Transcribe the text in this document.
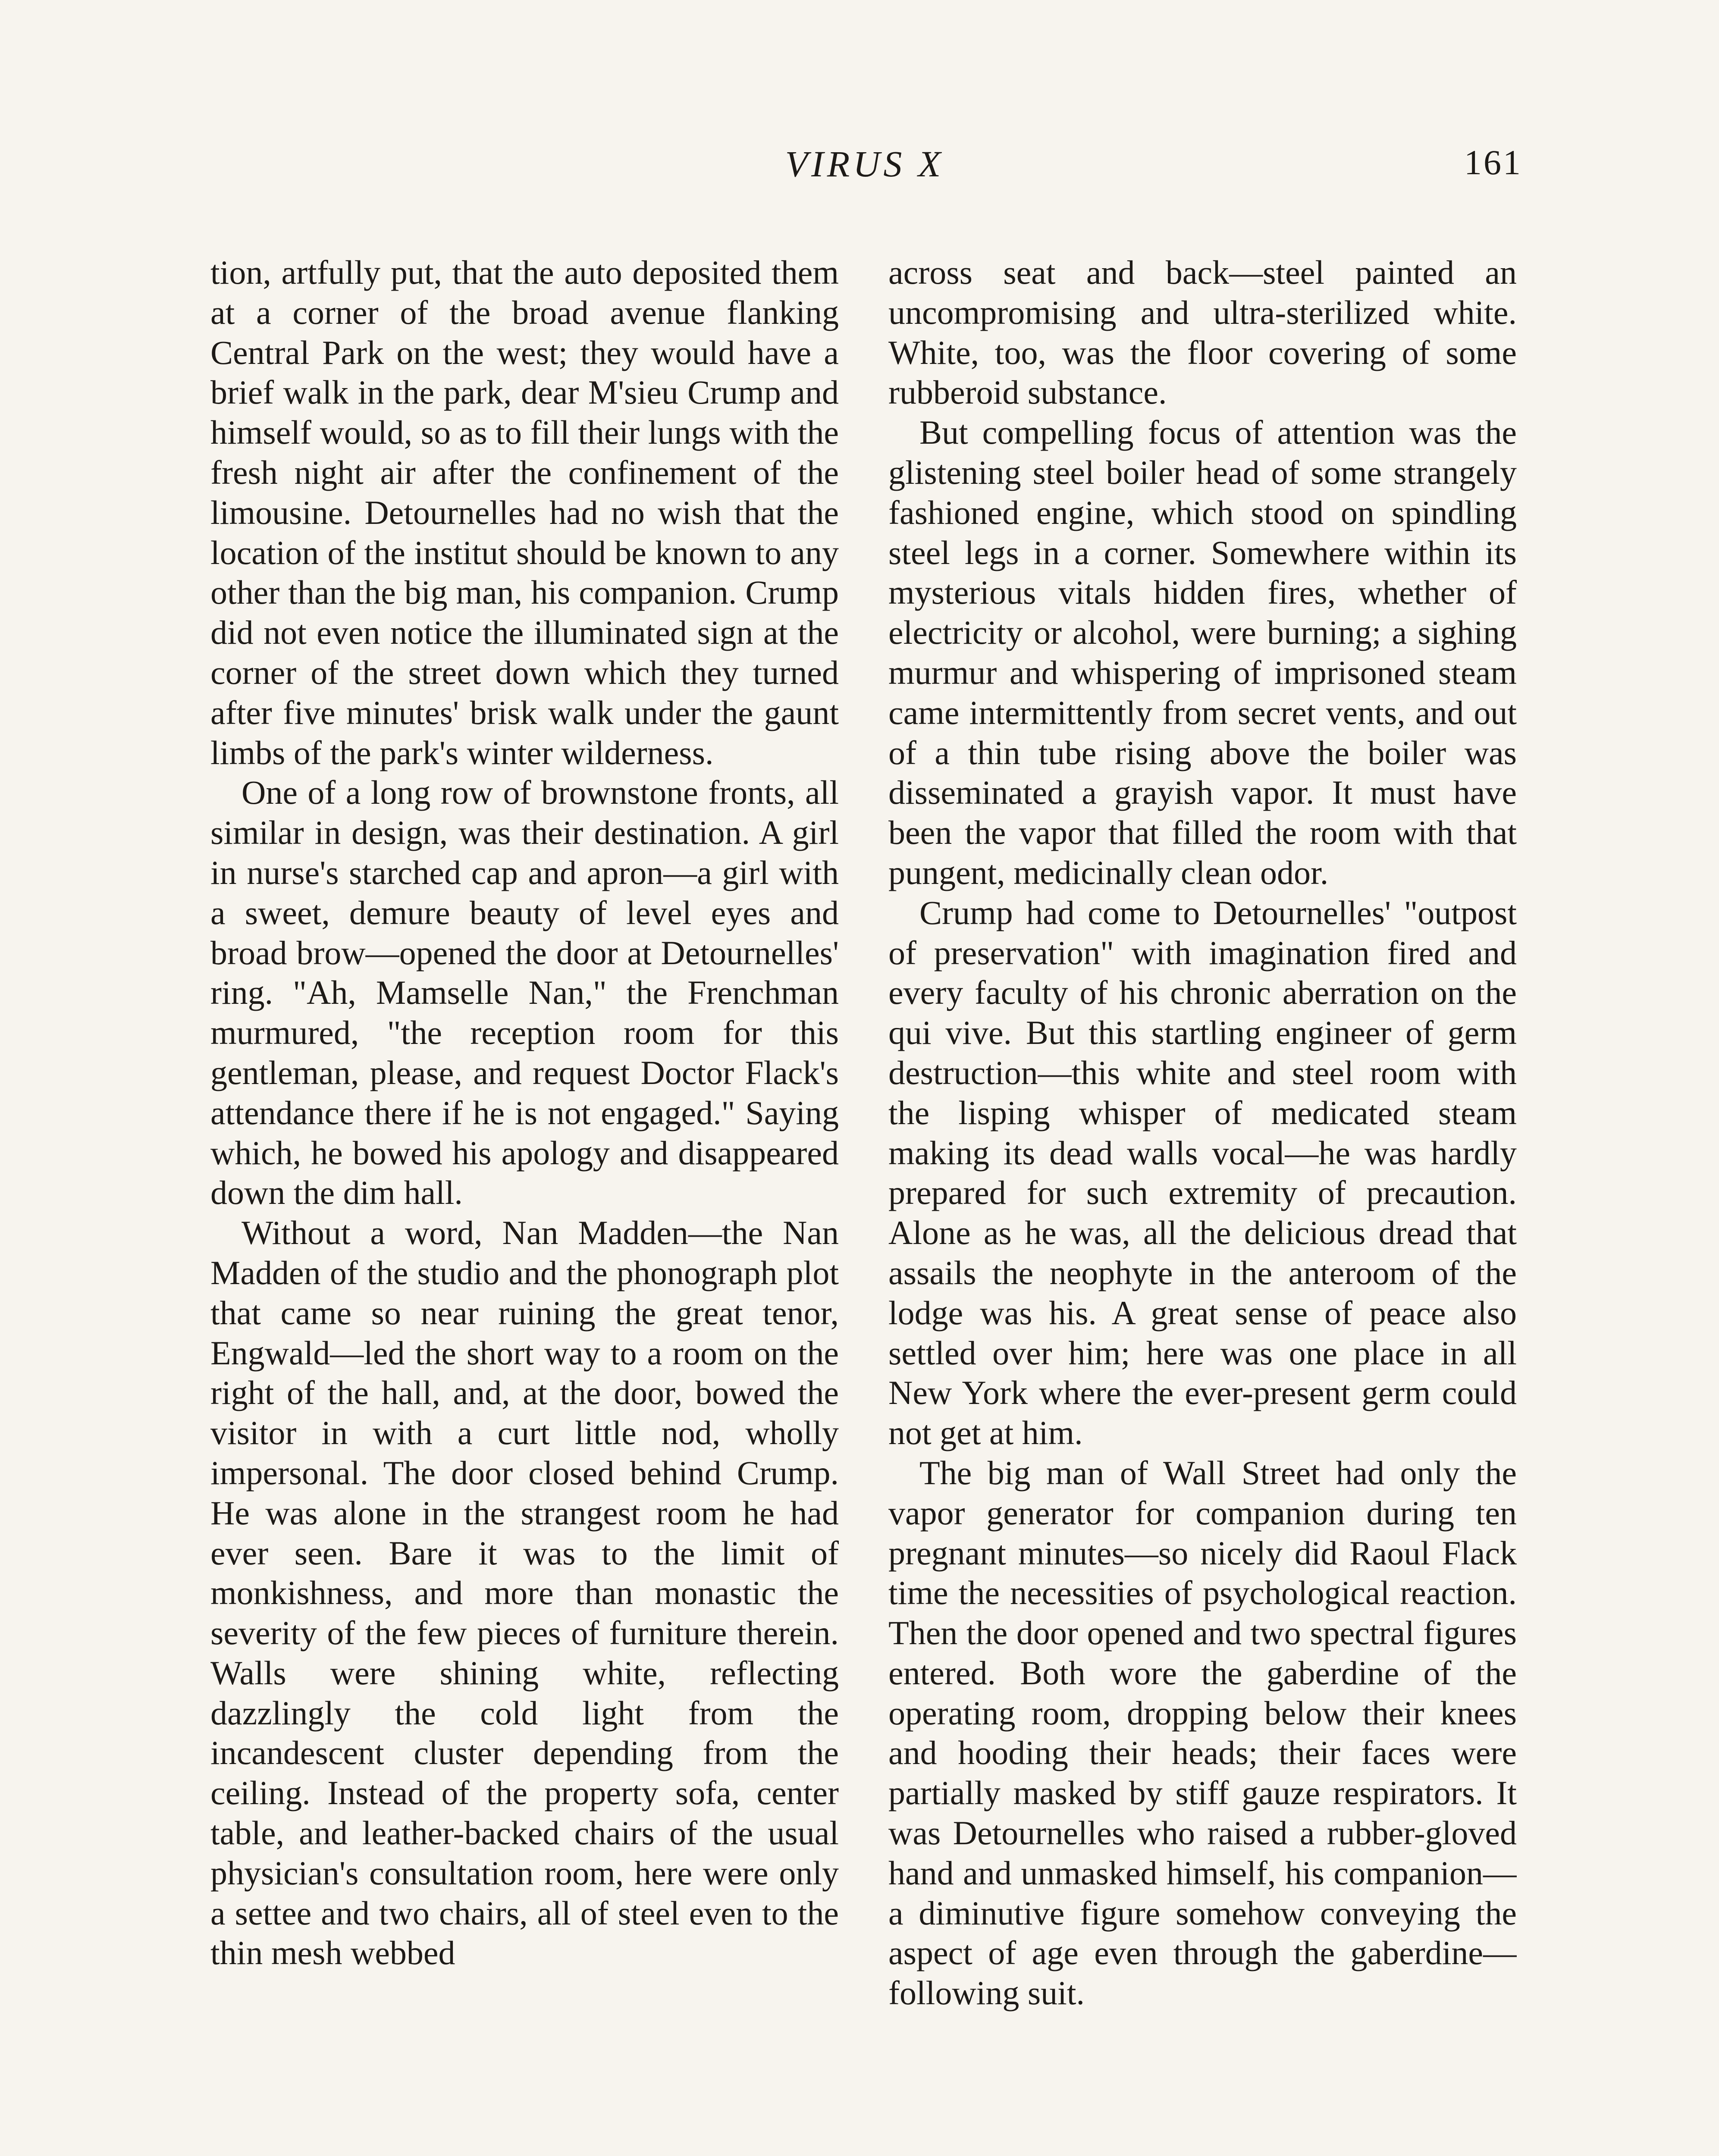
VIRUS X	161

tion, artfully put, that the auto deposited them at a corner of the broad avenue flanking Central Park on the west; they would have a brief walk in the park, dear M'sieu Crump and himself would, so as to fill their lungs with the fresh night air after the confinement of the limousine. Detournelles had no wish that the location of the institut should be known to any other than the big man, his companion. Crump did not even notice the illuminated sign at the corner of the street down which they turned after five minutes' brisk walk under the gaunt limbs of the park's winter wilderness.

One of a long row of brownstone fronts, all similar in design, was their destination. A girl in nurse's starched cap and apron—a girl with a sweet, demure beauty of level eyes and broad brow—opened the door at Detournelles' ring. "Ah, Mamselle Nan," the Frenchman murmured, "the reception room for this gentleman, please, and request Doctor Flack's attendance there if he is not engaged." Saying which, he bowed his apology and disappeared down the dim hall.

Without a word, Nan Madden—the Nan Madden of the studio and the phonograph plot that came so near ruining the great tenor, Engwald—led the short way to a room on the right of the hall, and, at the door, bowed the visitor in with a curt little nod, wholly impersonal. The door closed behind Crump. He was alone in the strangest room he had ever seen. Bare it was to the limit of monkishness, and more than monastic the severity of the few pieces of furniture therein. Walls were shining white, reflecting dazzlingly the cold light from the incandescent cluster depending from the ceiling. Instead of the property sofa, center table, and leather-backed chairs of the usual physician's consultation room, here were only a settee and two chairs, all of steel even to the thin mesh webbed

across seat and back—steel painted an uncompromising and ultra-sterilized white. White, too, was the floor covering of some rubberoid substance.

But compelling focus of attention was the glistening steel boiler head of some strangely fashioned engine, which stood on spindling steel legs in a corner. Somewhere within its mysterious vitals hidden fires, whether of electricity or alcohol, were burning; a sighing murmur and whispering of imprisoned steam came intermittently from secret vents, and out of a thin tube rising above the boiler was disseminated a grayish vapor. It must have been the vapor that filled the room with that pungent, medicinally clean odor.

Crump had come to Detournelles' "outpost of preservation" with imagination fired and every faculty of his chronic aberration on the qui vive. But this startling engineer of germ destruction—this white and steel room with the lisping whisper of medicated steam making its dead walls vocal—he was hardly prepared for such extremity of precaution. Alone as he was, all the delicious dread that assails the neophyte in the anteroom of the lodge was his. A great sense of peace also settled over him; here was one place in all New York where the ever-present germ could not get at him.

The big man of Wall Street had only the vapor generator for companion during ten pregnant minutes—so nicely did Raoul Flack time the necessities of psychological reaction. Then the door opened and two spectral figures entered. Both wore the gaberdine of the operating room, dropping below their knees and hooding their heads; their faces were partially masked by stiff gauze respirators. It was Detournelles who raised a rubber-gloved hand and unmasked himself, his companion—a diminutive figure somehow conveying the aspect of age even through the gaberdine—following suit.
